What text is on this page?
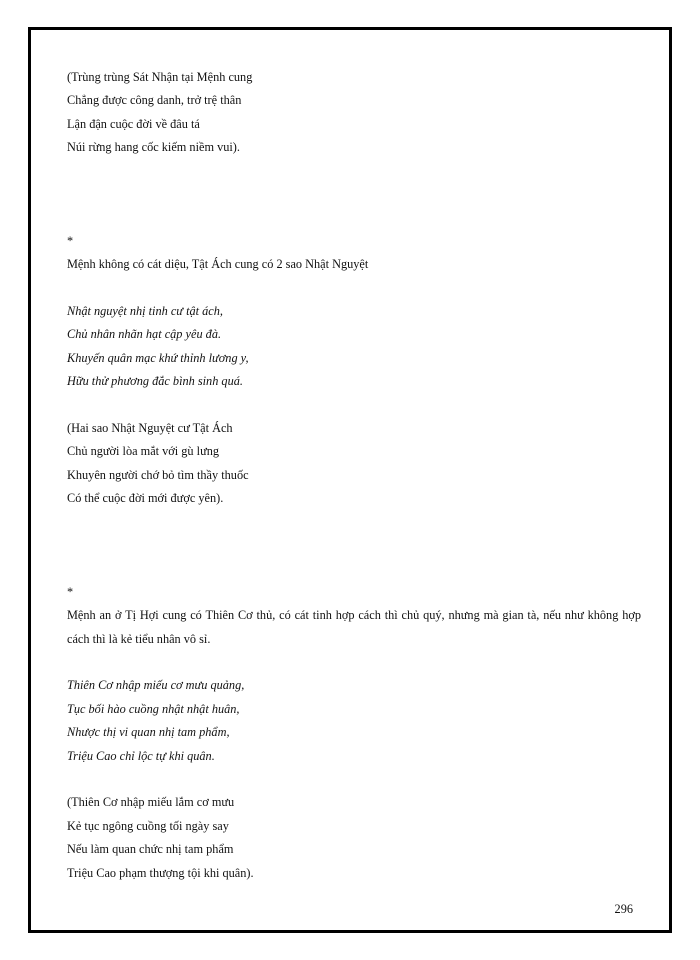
(Trùng trùng Sát Nhận tại Mệnh cung
Chẳng được công danh, trở trệ thân
Lận đận cuộc đời về đâu tá
Núi rừng hang cốc kiếm niềm vui).
*
Mệnh không có cát diệu, Tật Ách cung có 2 sao Nhật Nguyệt
Nhật nguyệt nhị tinh cư tật ách,
Chủ nhân nhãn hạt cập yêu đà.
Khuyến quân mạc khứ thỉnh lương y,
Hữu thử phương đắc bình sinh quá.
(Hai sao Nhật Nguyệt cư Tật Ách
Chủ người lòa mắt với gù lưng
Khuyên người chớ bỏ tìm thầy thuốc
Có thể cuộc đời mới được yên).
*
Mệnh an ở Tị Hợi cung có Thiên Cơ thủ, có cát tinh hợp cách thì chủ quý, nhưng mà gian tà, nếu như không hợp cách thì là kẻ tiểu nhân vô sỉ.
Thiên Cơ nhập miếu cơ mưu quảng,
Tục bối hào cuồng nhật nhật huân,
Nhược thị vi quan nhị tam phẩm,
Triệu Cao chỉ lộc tự khi quân.
(Thiên Cơ nhập miếu lắm cơ mưu
Kẻ tục ngông cuồng tối ngày say
Nếu làm quan chức nhị tam phẩm
Triệu Cao phạm thượng tội khi quân).
296
